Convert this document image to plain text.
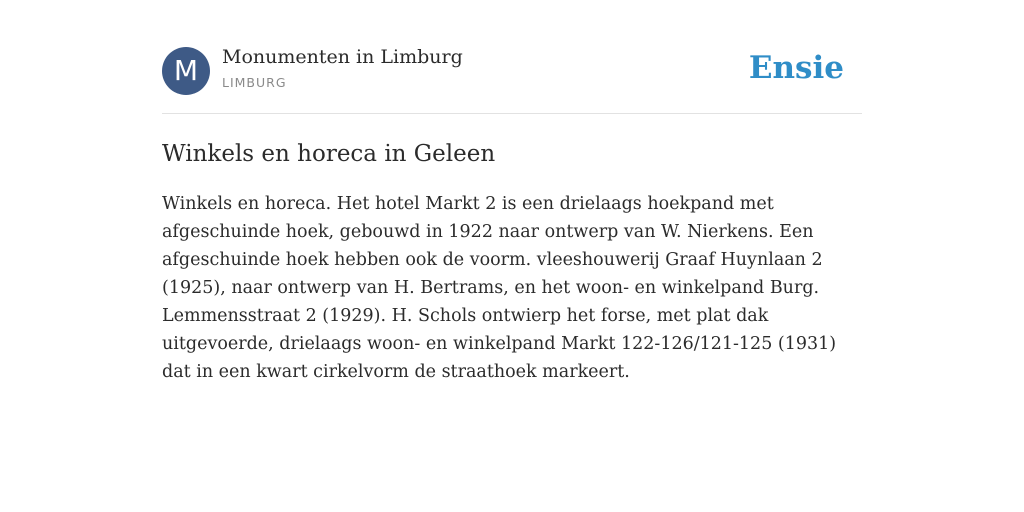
M	Monumenten in Limburg
LIMBURG	Ensie
Winkels en horeca in Geleen

Winkels en horeca. Het hotel Markt 2 is een drielaags hoekpand met afgeschuinde hoek, gebouwd in 1922 naar ontwerp van W. Nierkens. Een afgeschuinde hoek hebben ook de voorm. vleeshouwerij Graaf Huynlaan 2 (1925), naar ontwerp van H. Bertrams, en het woon- en winkelpand Burg. Lemmensstraat 2 (1929). H. Schols ontwierp het forse, met plat dak uitgevoerde, drielaags woon- en winkelpand Markt 122-126/121-125 (1931) dat in een kwart cirkelvorm de straathoek markeert.
